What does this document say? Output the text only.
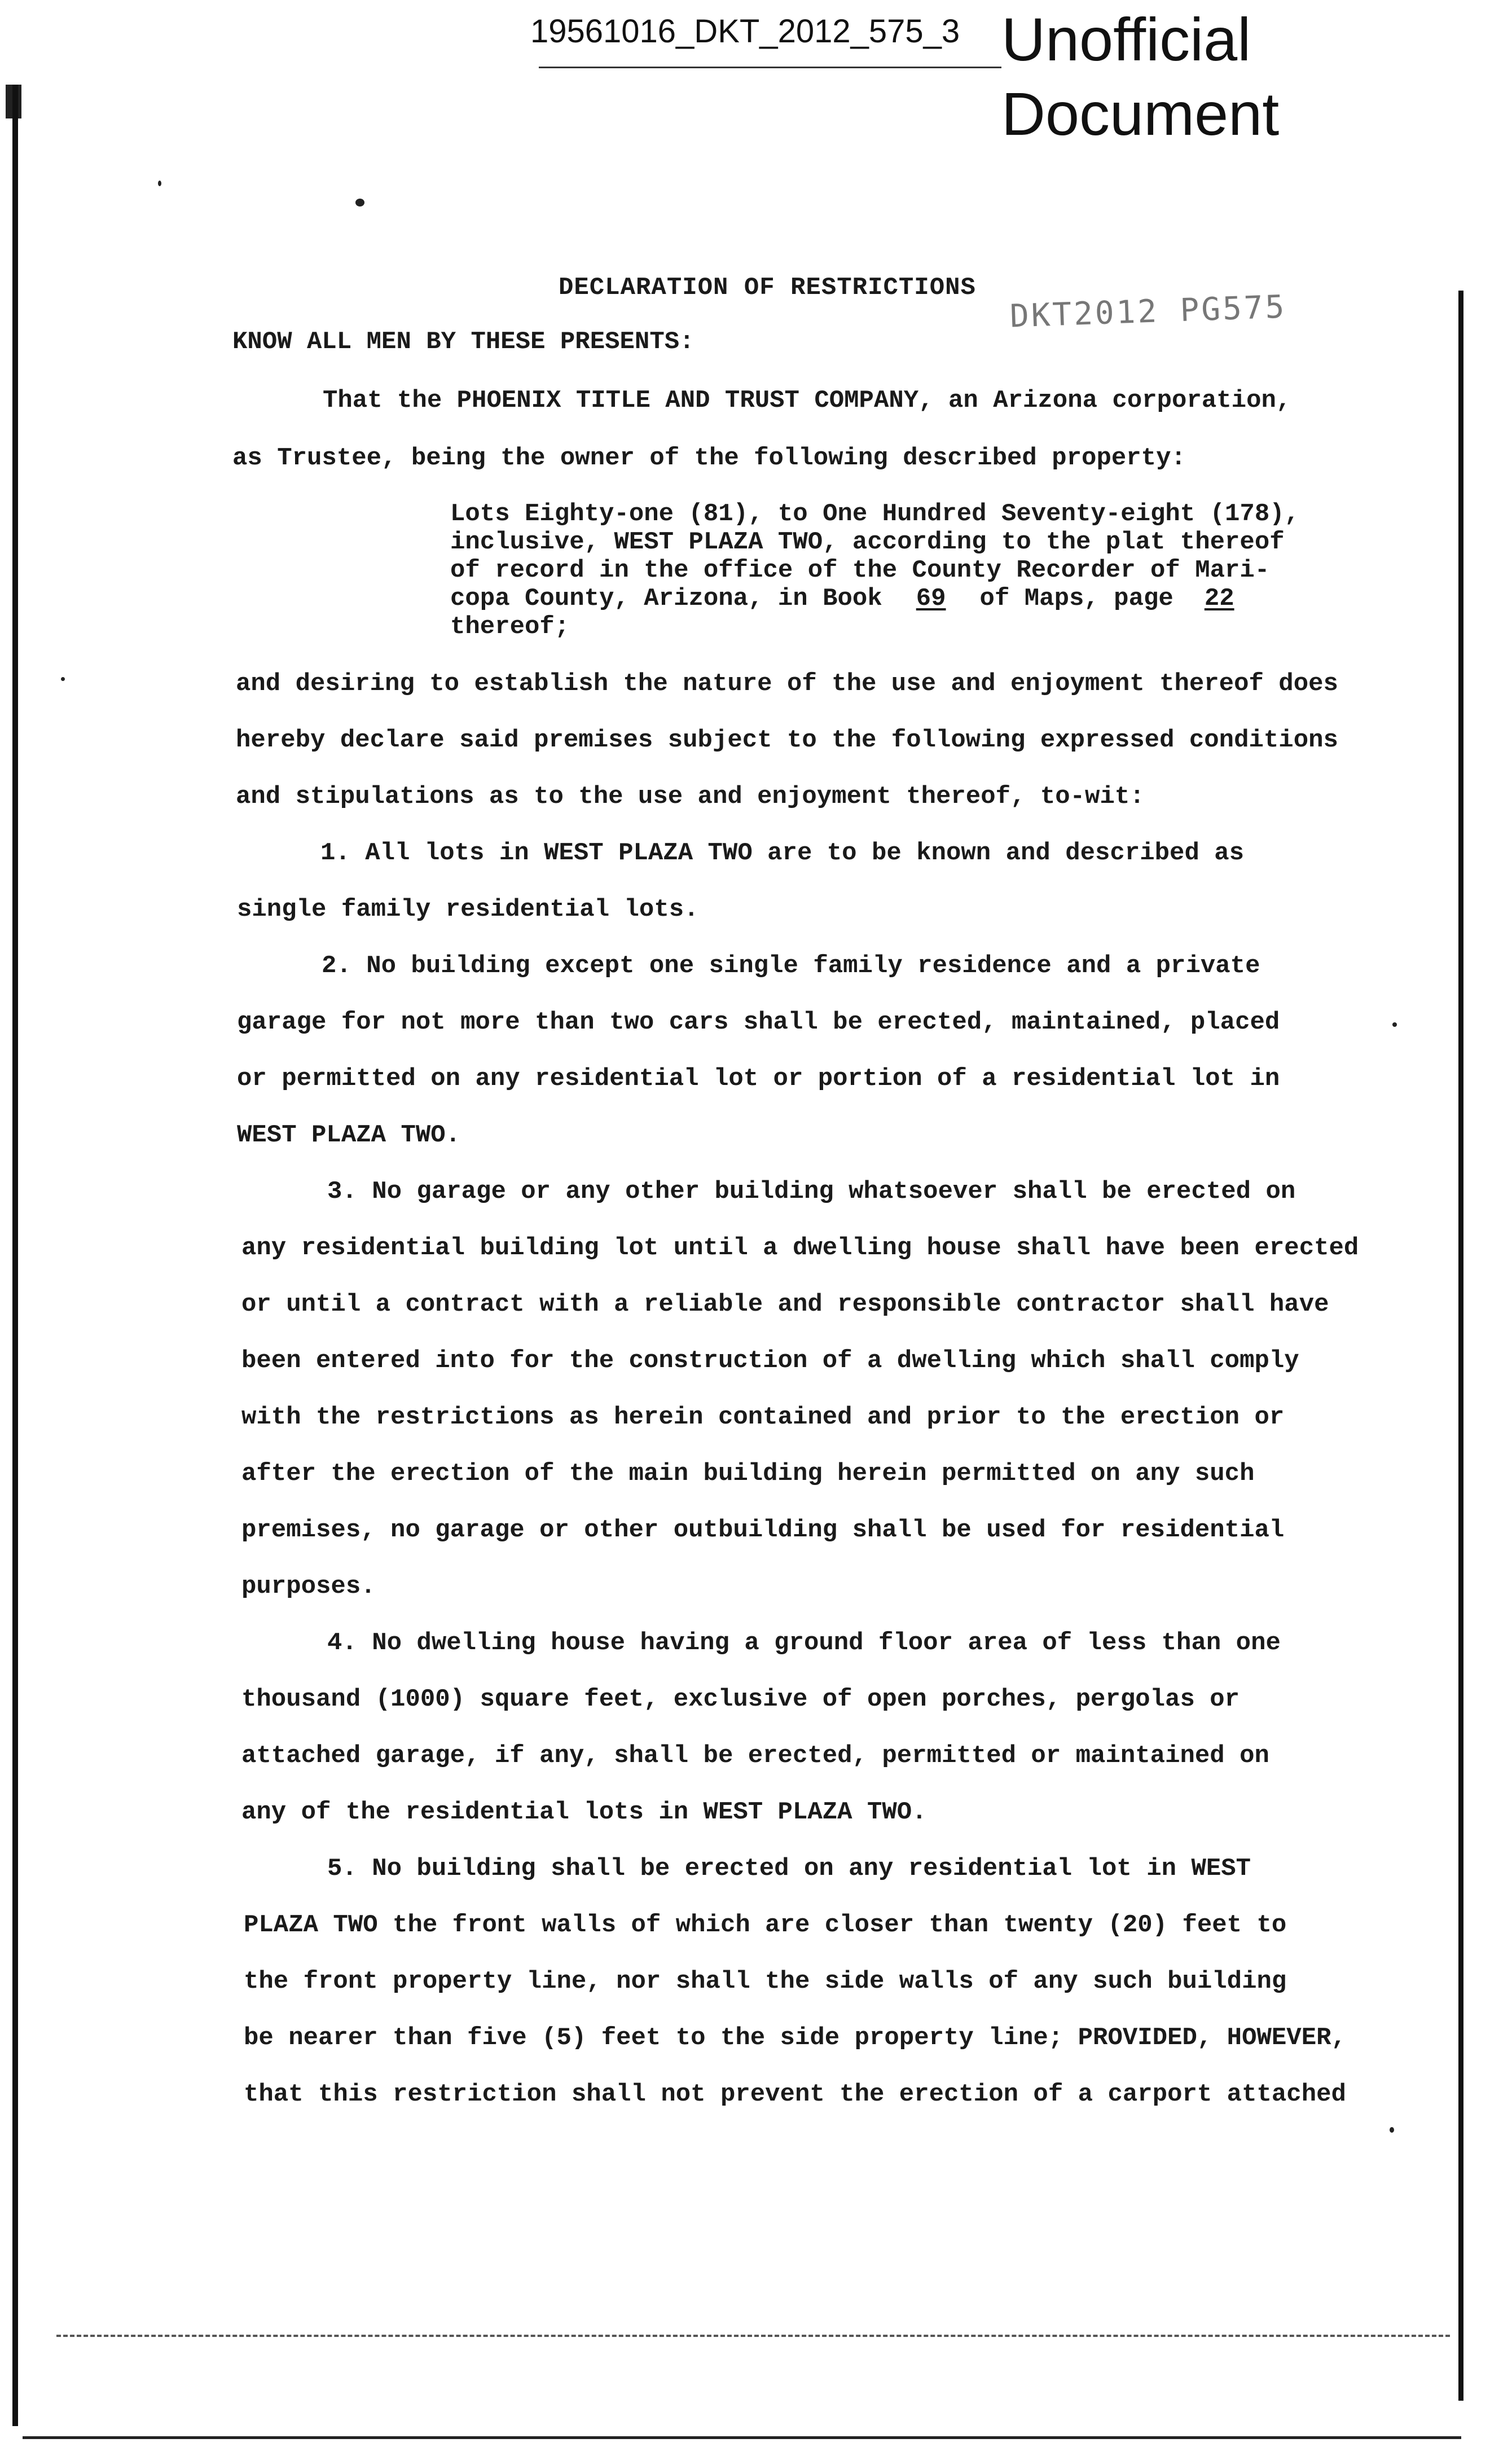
19561016_DKT_2012_575_3 Unofficial
Document
DKT2012 PG575
DECLARATION OF RESTRICTIONS
KNOW ALL MEN BY THESE PRESENTS:
That the PHOENIX TITLE AND TRUST COMPANY, an Arizona corporation,
as Trustee, being the owner of the following described property:
Lots Eighty-one (81), to One Hundred Seventy-eight (178),
inclusive, WEST PLAZA TWO, according to the plat thereof
of record in the office of the County Recorder of Mari-
copa County, Arizona, in Book 69 of Maps, page 22
thereof;
and desiring to establish the nature of the use and enjoyment thereof does
hereby declare said premises subject to the following expressed conditions
and stipulations as to the use and enjoyment thereof, to-wit:
1. All lots in WEST PLAZA TWO are to be known and described as
single family residential lots.
2. No building except one single family residence and a private
garage for not more than two cars shall be erected, maintained, placed
or permitted on any residential lot or portion of a residential lot in
WEST PLAZA TWO.
3. No garage or any other building whatsoever shall be erected on
any residential building lot until a dwelling house shall have been erected
or until a contract with a reliable and responsible contractor shall have
been entered into for the construction of a dwelling which shall comply
with the restrictions as herein contained and prior to the erection or
after the erection of the main building herein permitted on any such
premises, no garage or other outbuilding shall be used for residential
purposes.
4. No dwelling house having a ground floor area of less than one
thousand (1000) square feet, exclusive of open porches, pergolas or
attached garage, if any, shall be erected, permitted or maintained on
any of the residential lots in WEST PLAZA TWO.
5. No building shall be erected on any residential lot in WEST
PLAZA TWO the front walls of which are closer than twenty (20) feet to
the front property line, nor shall the side walls of any such building
be nearer than five (5) feet to the side property line; PROVIDED, HOWEVER,
that this restriction shall not prevent the erection of a carport attached
